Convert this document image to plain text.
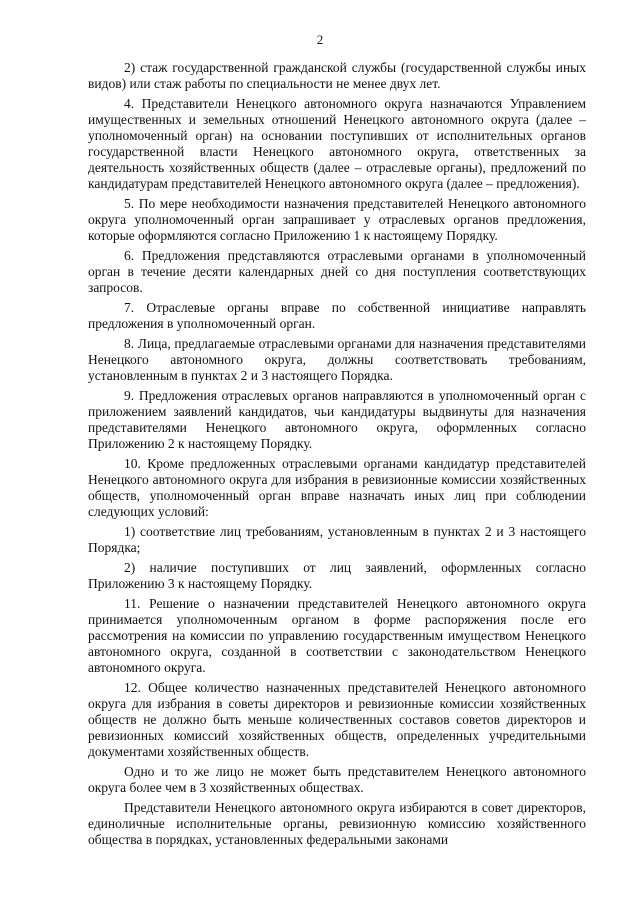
2

2) стаж государственной гражданской службы (государственной службы иных видов) или стаж работы по специальности не менее двух лет.

4. Представители Ненецкого автономного округа назначаются Управлением имущественных и земельных отношений Ненецкого автономного округа (далее – уполномоченный орган) на основании поступивших от исполнительных органов государственной власти Ненецкого автономного округа, ответственных за деятельность хозяйственных обществ (далее – отраслевые органы), предложений по кандидатурам представителей Ненецкого автономного округа (далее – предложения).

5. По мере необходимости назначения представителей Ненецкого автономного округа уполномоченный орган запрашивает у отраслевых органов предложения, которые оформляются согласно Приложению 1 к настоящему Порядку.

6. Предложения представляются отраслевыми органами в уполномоченный орган в течение десяти календарных дней со дня поступления соответствующих запросов.

7. Отраслевые органы вправе по собственной инициативе направлять предложения в уполномоченный орган.

8. Лица, предлагаемые отраслевыми органами для назначения представителями Ненецкого автономного округа, должны соответствовать требованиям, установленным в пунктах 2 и 3 настоящего Порядка.

9. Предложения отраслевых органов направляются в уполномоченный орган с приложением заявлений кандидатов, чьи кандидатуры выдвинуты для назначения представителями Ненецкого автономного округа, оформленных согласно Приложению 2 к настоящему Порядку.

10. Кроме предложенных отраслевыми органами кандидатур представителей Ненецкого автономного округа для избрания в ревизионные комиссии хозяйственных обществ, уполномоченный орган вправе назначать иных лиц при соблюдении следующих условий:

1) соответствие лиц требованиям, установленным в пунктах 2 и 3 настоящего Порядка;

2) наличие поступивших от лиц заявлений, оформленных согласно Приложению 3 к настоящему Порядку.

11. Решение о назначении представителей Ненецкого автономного округа принимается уполномоченным органом в форме распоряжения после его рассмотрения на комиссии по управлению государственным имуществом Ненецкого автономного округа, созданной в соответствии с законодательством Ненецкого автономного округа.

12. Общее количество назначенных представителей Ненецкого автономного округа для избрания в советы директоров и ревизионные комиссии хозяйственных обществ не должно быть меньше количественных составов советов директоров и ревизионных комиссий хозяйственных обществ, определенных учредительными документами хозяйственных обществ.

Одно и то же лицо не может быть представителем Ненецкого автономного округа более чем в 3 хозяйственных обществах.

Представители Ненецкого автономного округа избираются в совет директоров, единоличные исполнительные органы, ревизионную комиссию хозяйственного общества в порядках, установленных федеральными законами
